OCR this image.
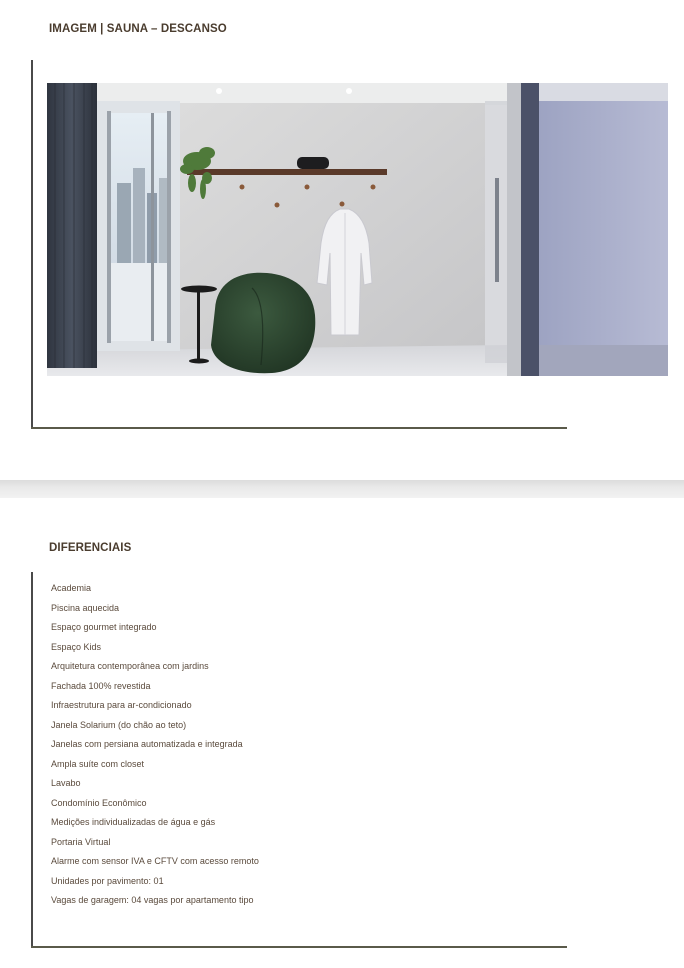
IMAGEM | SAUNA – DESCANSO
DIFERENCIAIS
Academia
Piscina aquecida
Espaço gourmet integrado
Espaço Kids
Arquitetura contemporânea com jardins
Fachada 100% revestida
Infraestrutura para ar-condicionado
Janela Solarium (do chão ao teto)
Janelas com persiana automatizada e integrada
Ampla suíte com closet
Lavabo
Condomínio Econômico
Medições individualizadas de água e gás
Portaria Virtual
Alarme com sensor IVA e CFTV com acesso remoto
Unidades por pavimento: 01
Vagas de garagem: 04 vagas por apartamento tipo
